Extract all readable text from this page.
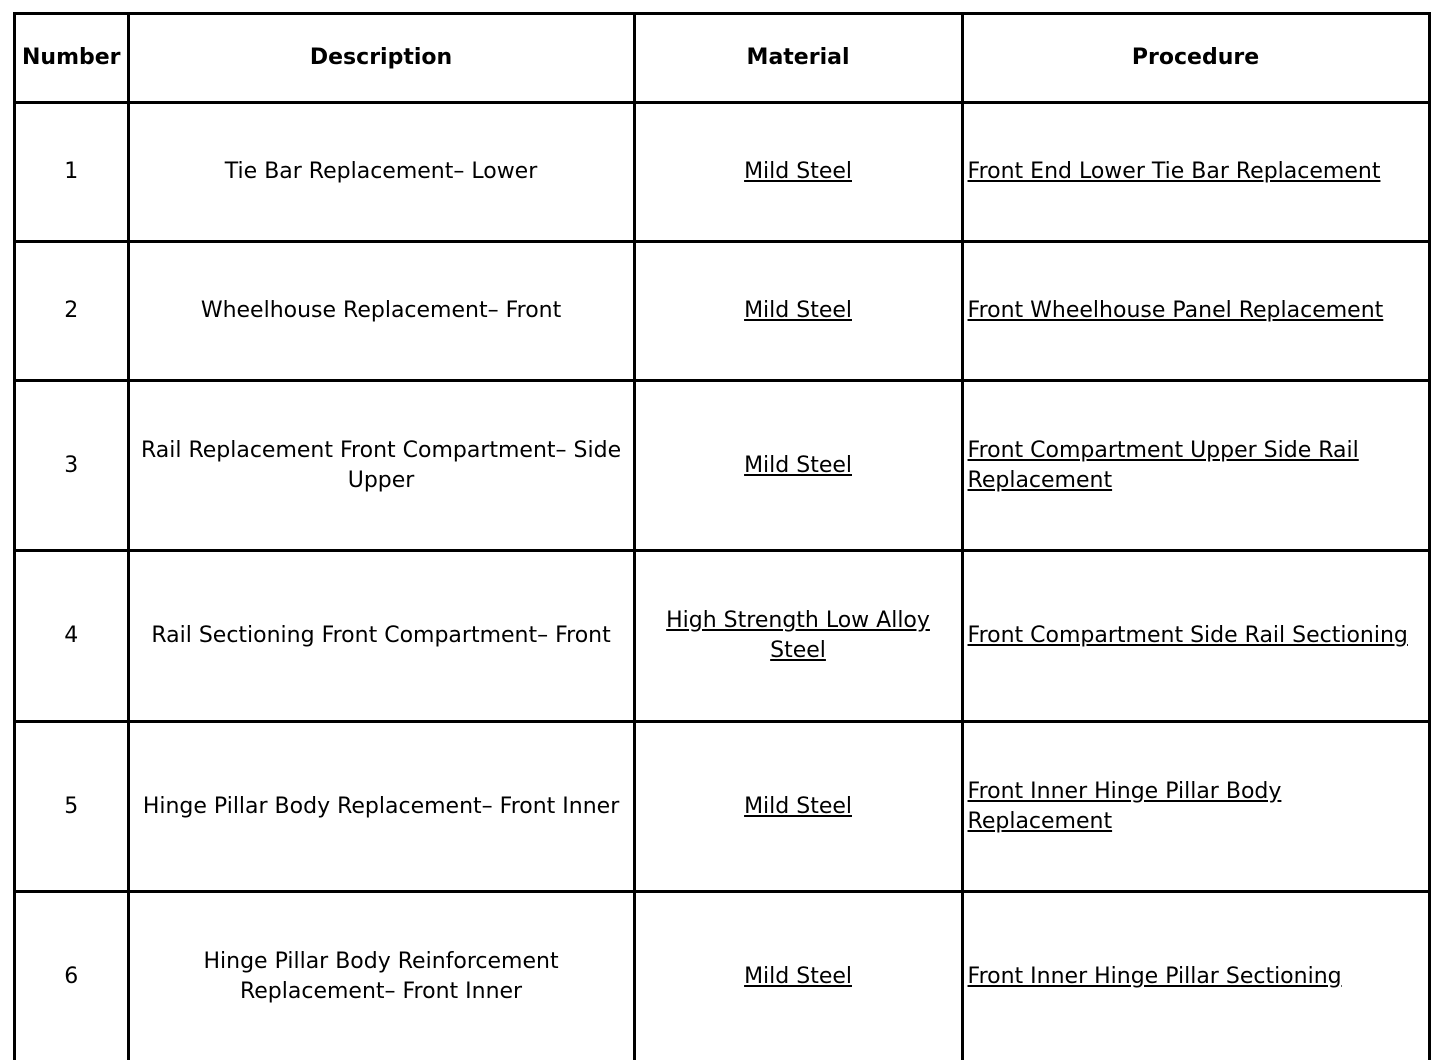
Number	Description	Material	Procedure
1	Tie Bar Replacement– Lower	Mild Steel	Front End Lower Tie Bar Replacement
2	Wheelhouse Replacement– Front	Mild Steel	Front Wheelhouse Panel Replacement
3	Rail Replacement Front Compartment– Side Upper	Mild Steel	Front Compartment Upper Side Rail Replacement
4	Rail Sectioning Front Compartment– Front	High Strength Low Alloy Steel	Front Compartment Side Rail Sectioning
5	Hinge Pillar Body Replacement– Front Inner	Mild Steel	Front Inner Hinge Pillar Body Replacement
6	Hinge Pillar Body Reinforcement Replacement– Front Inner	Mild Steel	Front Inner Hinge Pillar Sectioning
